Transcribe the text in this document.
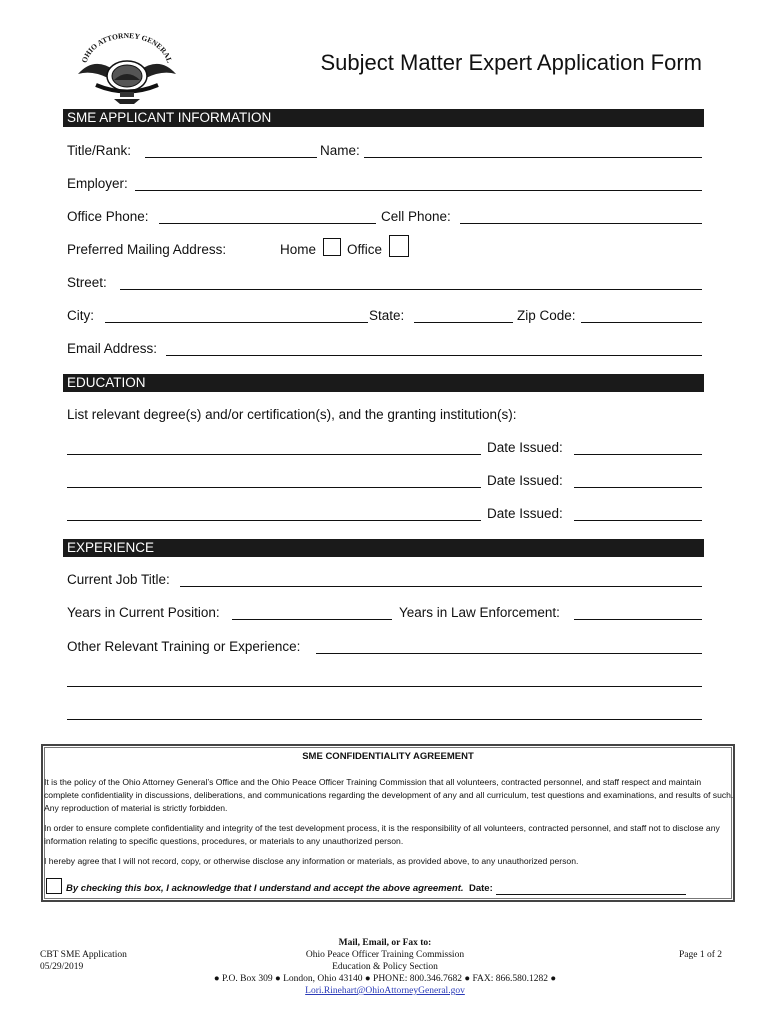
OHIO ATTORNEY GENERAL	Subject Matter Expert Application Form
SME APPLICANT INFORMATION
Title/Rank:	Name:
Employer:
Office Phone:	Cell Phone:
Preferred Mailing Address:	Home Office
Street:
City:	State:	Zip Code:
Email Address:
EDUCATION
List relevant degree(s) and/or certification(s), and the granting institution(s):
Date Issued:
Date Issued:
Date Issued:
EXPERIENCE
Current Job Title:
Years in Current Position:	Years in Law Enforcement:
Other Relevant Training or Experience:
SME CONFIDENTIALITY AGREEMENT
It is the policy of the Ohio Attorney General’s Office and the Ohio Peace Officer Training Commission that all volunteers, contracted personnel, and staff respect and maintain complete confidentiality in discussions, deliberations, and communications regarding the development of any and all curriculum, test questions and examinations, and results of such. Any reproduction of material is strictly forbidden.
In order to ensure complete confidentiality and integrity of the test development process, it is the responsibility of all volunteers, contracted personnel, and staff not to disclose any information relating to specific questions, procedures, or materials to any unauthorized person.
I hereby agree that I will not record, copy, or otherwise disclose any information or materials, as provided above, to any unauthorized person.
By checking this box, I acknowledge that I understand and accept the above agreement. Date:
CBT SME Application
05/29/2019
Mail, Email, or Fax to:
Ohio Peace Officer Training Commission
Education & Policy Section
● P.O. Box 309 ● London, Ohio 43140 ● PHONE: 800.346.7682 ● FAX: 866.580.1282 ●
Lori.Rinehart@OhioAttorneyGeneral.gov
Page 1 of 2
